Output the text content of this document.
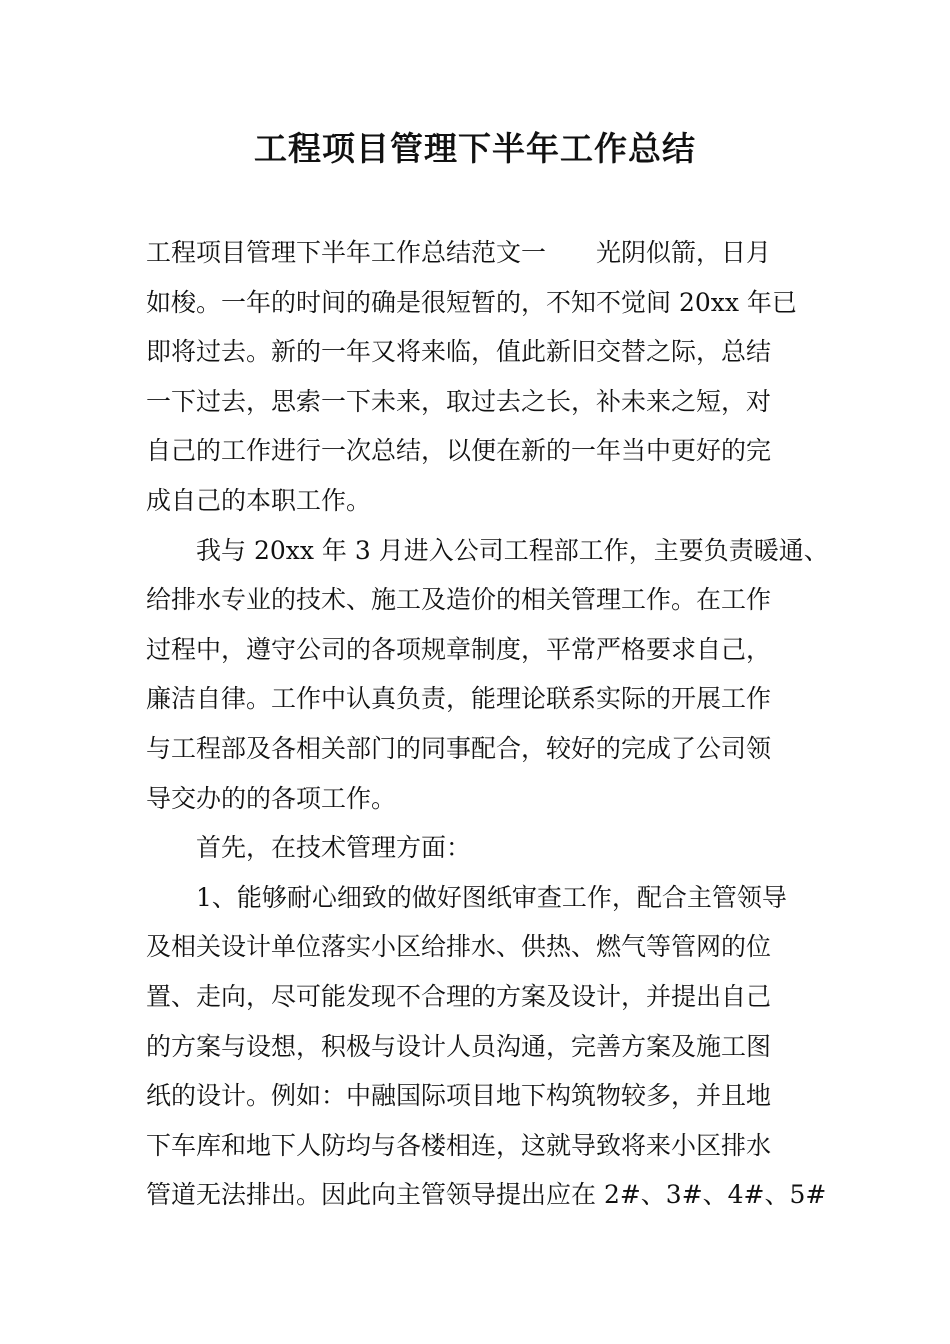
工程项目管理下半年工作总结
工程项目管理下半年工作总结范文一　　光阴似箭，日月
如梭。一年的时间的确是很短暂的，不知不觉间 20xx 年已
即将过去。新的一年又将来临，值此新旧交替之际，总结
一下过去，思索一下未来，取过去之长，补未来之短，对
自己的工作进行一次总结，以便在新的一年当中更好的完
成自己的本职工作。
我与 20xx 年 3 月进入公司工程部工作，主要负责暖通、
给排水专业的技术、施工及造价的相关管理工作。在工作
过程中，遵守公司的各项规章制度，平常严格要求自己，
廉洁自律。工作中认真负责，能理论联系实际的开展工作
与工程部及各相关部门的同事配合，较好的完成了公司领
导交办的的各项工作。
首先，在技术管理方面：
1、能够耐心细致的做好图纸审查工作，配合主管领导
及相关设计单位落实小区给排水、供热、燃气等管网的位
置、走向，尽可能发现不合理的方案及设计，并提出自己
的方案与设想，积极与设计人员沟通，完善方案及施工图
纸的设计。例如：中融国际项目地下构筑物较多，并且地
下车库和地下人防均与各楼相连，这就导致将来小区排水
管道无法排出。因此向主管领导提出应在 2#、3#、4#、5#
